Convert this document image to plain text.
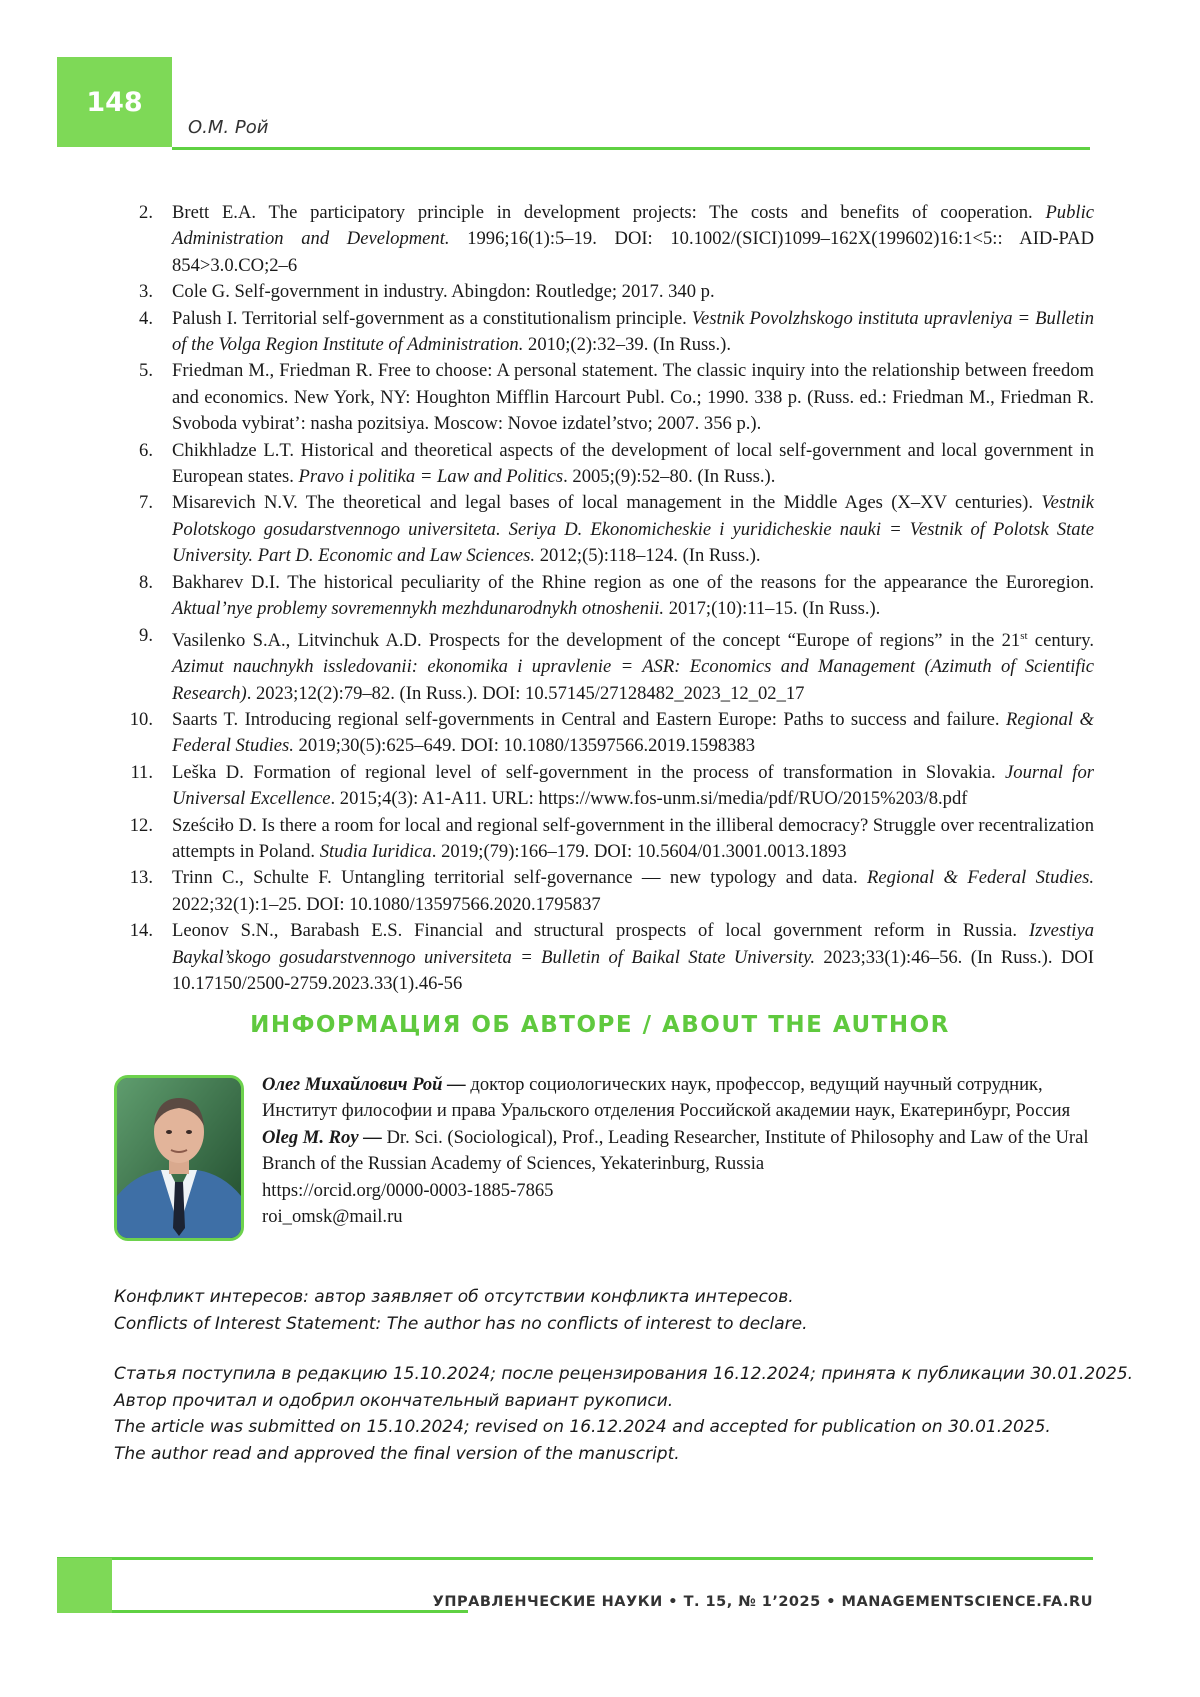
148
О.М. Рой
2. Brett E.A. The participatory principle in development projects: The costs and benefits of cooperation. Public Administration and Development. 1996;16(1):5–19. DOI: 10.1002/(SICI)1099–162X(199602)16:1<5:: AID-PAD 854>3.0.CO;2–6
3. Cole G. Self-government in industry. Abingdon: Routledge; 2017. 340 p.
4. Palush I. Territorial self-government as a constitutionalism principle. Vestnik Povolzhskogo instituta upravleniya = Bulletin of the Volga Region Institute of Administration. 2010;(2):32–39. (In Russ.).
5. Friedman M., Friedman R. Free to choose: A personal statement. The classic inquiry into the relationship between freedom and economics. New York, NY: Houghton Mifflin Harcourt Publ. Co.; 1990. 338 p. (Russ. ed.: Friedman M., Friedman R. Svoboda vybirat’: nasha pozitsiya. Moscow: Novoe izdatel’stvo; 2007. 356 p.).
6. Chikhladze L.T. Historical and theoretical aspects of the development of local self-government and local government in European states. Pravo i politika = Law and Politics. 2005;(9):52–80. (In Russ.).
7. Misarevich N.V. The theoretical and legal bases of local management in the Middle Ages (X–XV centuries). Vestnik Polotskogo gosudarstvennogo universiteta. Seriya D. Ekonomicheskie i yuridicheskie nauki = Vestnik of Polotsk State University. Part D. Economic and Law Sciences. 2012;(5):118–124. (In Russ.).
8. Bakharev D.I. The historical peculiarity of the Rhine region as one of the reasons for the appearance the Euroregion. Aktual’nye problemy sovremennykh mezhdunarodnykh otnoshenii. 2017;(10):11–15. (In Russ.).
9. Vasilenko S.A., Litvinchuk A.D. Prospects for the development of the concept “Europe of regions” in the 21st century. Azimut nauchnykh issledovanii: ekonomika i upravlenie = ASR: Economics and Management (Azimuth of Scientific Research). 2023;12(2):79–82. (In Russ.). DOI: 10.57145/27128482_2023_12_02_17
10. Saarts T. Introducing regional self-governments in Central and Eastern Europe: Paths to success and failure. Regional & Federal Studies. 2019;30(5):625–649. DOI: 10.1080/13597566.2019.1598383
11. Leška D. Formation of regional level of self-government in the process of transformation in Slovakia. Journal for Universal Excellence. 2015;4(3): A1-A11. URL: https://www.fos-unm.si/media/pdf/RUO/2015%203/8.pdf
12. Sześciło D. Is there a room for local and regional self-government in the illiberal democracy? Struggle over recentralization attempts in Poland. Studia Iuridica. 2019;(79):166–179. DOI: 10.5604/01.3001.0013.1893
13. Trinn C., Schulte F. Untangling territorial self-governance — new typology and data. Regional & Federal Studies. 2022;32(1):1–25. DOI: 10.1080/13597566.2020.1795837
14. Leonov S.N., Barabash E.S. Financial and structural prospects of local government reform in Russia. Izvestiya Baykal’skogo gosudarstvennogo universiteta = Bulletin of Baikal State University. 2023;33(1):46–56. (In Russ.). DOI 10.17150/2500-2759.2023.33(1).46-56
ИНФОРМАЦИЯ ОБ АВТОРЕ / ABOUT THE AUTHOR

Олег Михайлович Рой — доктор социологических наук, профессор, ведущий научный сотрудник, Институт философии и права Уральского отделения Российской академии наук, Екатеринбург, Россия

Oleg M. Roy — Dr. Sci. (Sociological), Prof., Leading Researcher, Institute of Philosophy and Law of the Ural Branch of the Russian Academy of Sciences, Yekaterinburg, Russia

https://orcid.org/0000-0003-1885-7865

roi_omsk@mail.ru

Конфликт интересов: автор заявляет об отсутствии конфликта интересов.

Conflicts of Interest Statement: The author has no conflicts of interest to declare.

Статья поступила в редакцию 15.10.2024; после рецензирования 16.12.2024; принята к публикации 30.01.2025.

Автор прочитал и одобрил окончательный вариант рукописи.

The article was submitted on 15.10.2024; revised on 16.12.2024 and accepted for publication on 30.01.2025.

The author read and approved the final version of the manuscript.

УПРАВЛЕНЧЕСКИЕ НАУКИ • Т. 15, № 1’2025 • MANAGEMENTSCIENCE.FA.RU
